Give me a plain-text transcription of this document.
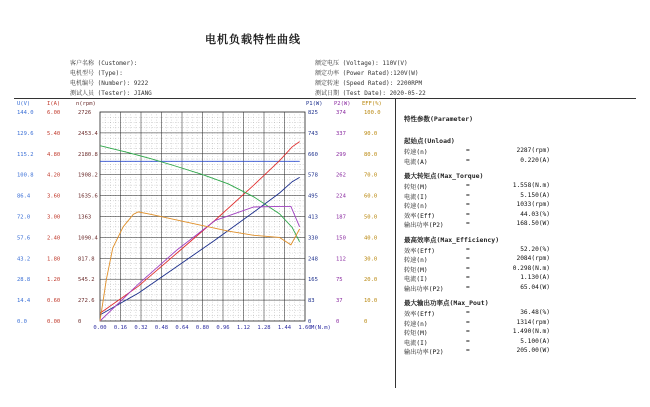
电机负载特性曲线
客户名称 (Customer):
电机型号 (Type):
电机编号 (Number): 9222
测试人员 (Tester): JIANG
额定电压 (Voltage): 110V(V)
额定功率 (Power Rated):120V(W)
额定转速 (Speed Rated): 2200RPM
测试日期 (Test Date): 2020-05-22
U(V)	I(A)	n(rpm)	P1(W) P2(W) EFF(%)
0.0
14.4
28.8
43.2
57.6
72.0
86.4
100.8
115.2
129.6
144.0
0.00
0.60
1.20
1.80
2.40
3.00
3.60
4.20
4.80
5.40
6.00
0
272.6
545.2
817.8
1090.4
1363
1635.6
1908.2
2180.8
2453.4
2726
0
83
165
248
330
413
495
578
660
743
825
0
37
75
112
150
187
224
262
299
337
374
0
10.0
20.0
30.0
40.0
50.0
60.0
70.0
80.0
90.0
100.0
0.00 0.16 0.32 0.48 0.64 0.80 0.96 1.12 1.28 1.44 1.60 M(N.m)
特性参数(Parameter)
起始点(Unload)
转速(n)	=	2287(rpm)
电流(A)	=	0.220(A)
最大转矩点(Max_Torque)
转矩(M)	=	1.558(N.m)
电流(I)	=	5.150(A)
转速(n)	=	1033(rpm)
效率(Eff)	=	44.03(%)
输出功率(P2)	=	168.50(W)
最高效率点(Max_Efficiency)
效率(Eff)	=	52.20(%)
转速(n)	=	2084(rpm)
转矩(M)	=	0.298(N.m)
电流(I)	=	1.130(A)
输出功率(P2)	=	65.04(W)
最大输出功率点(Max_Pout)
效率(Eff)	=	36.48(%)
转速(n)	=	1314(rpm)
转矩(M)	=	1.490(N.m)
电流(I)	=	5.100(A)
输出功率(P2)	=	205.00(W)
